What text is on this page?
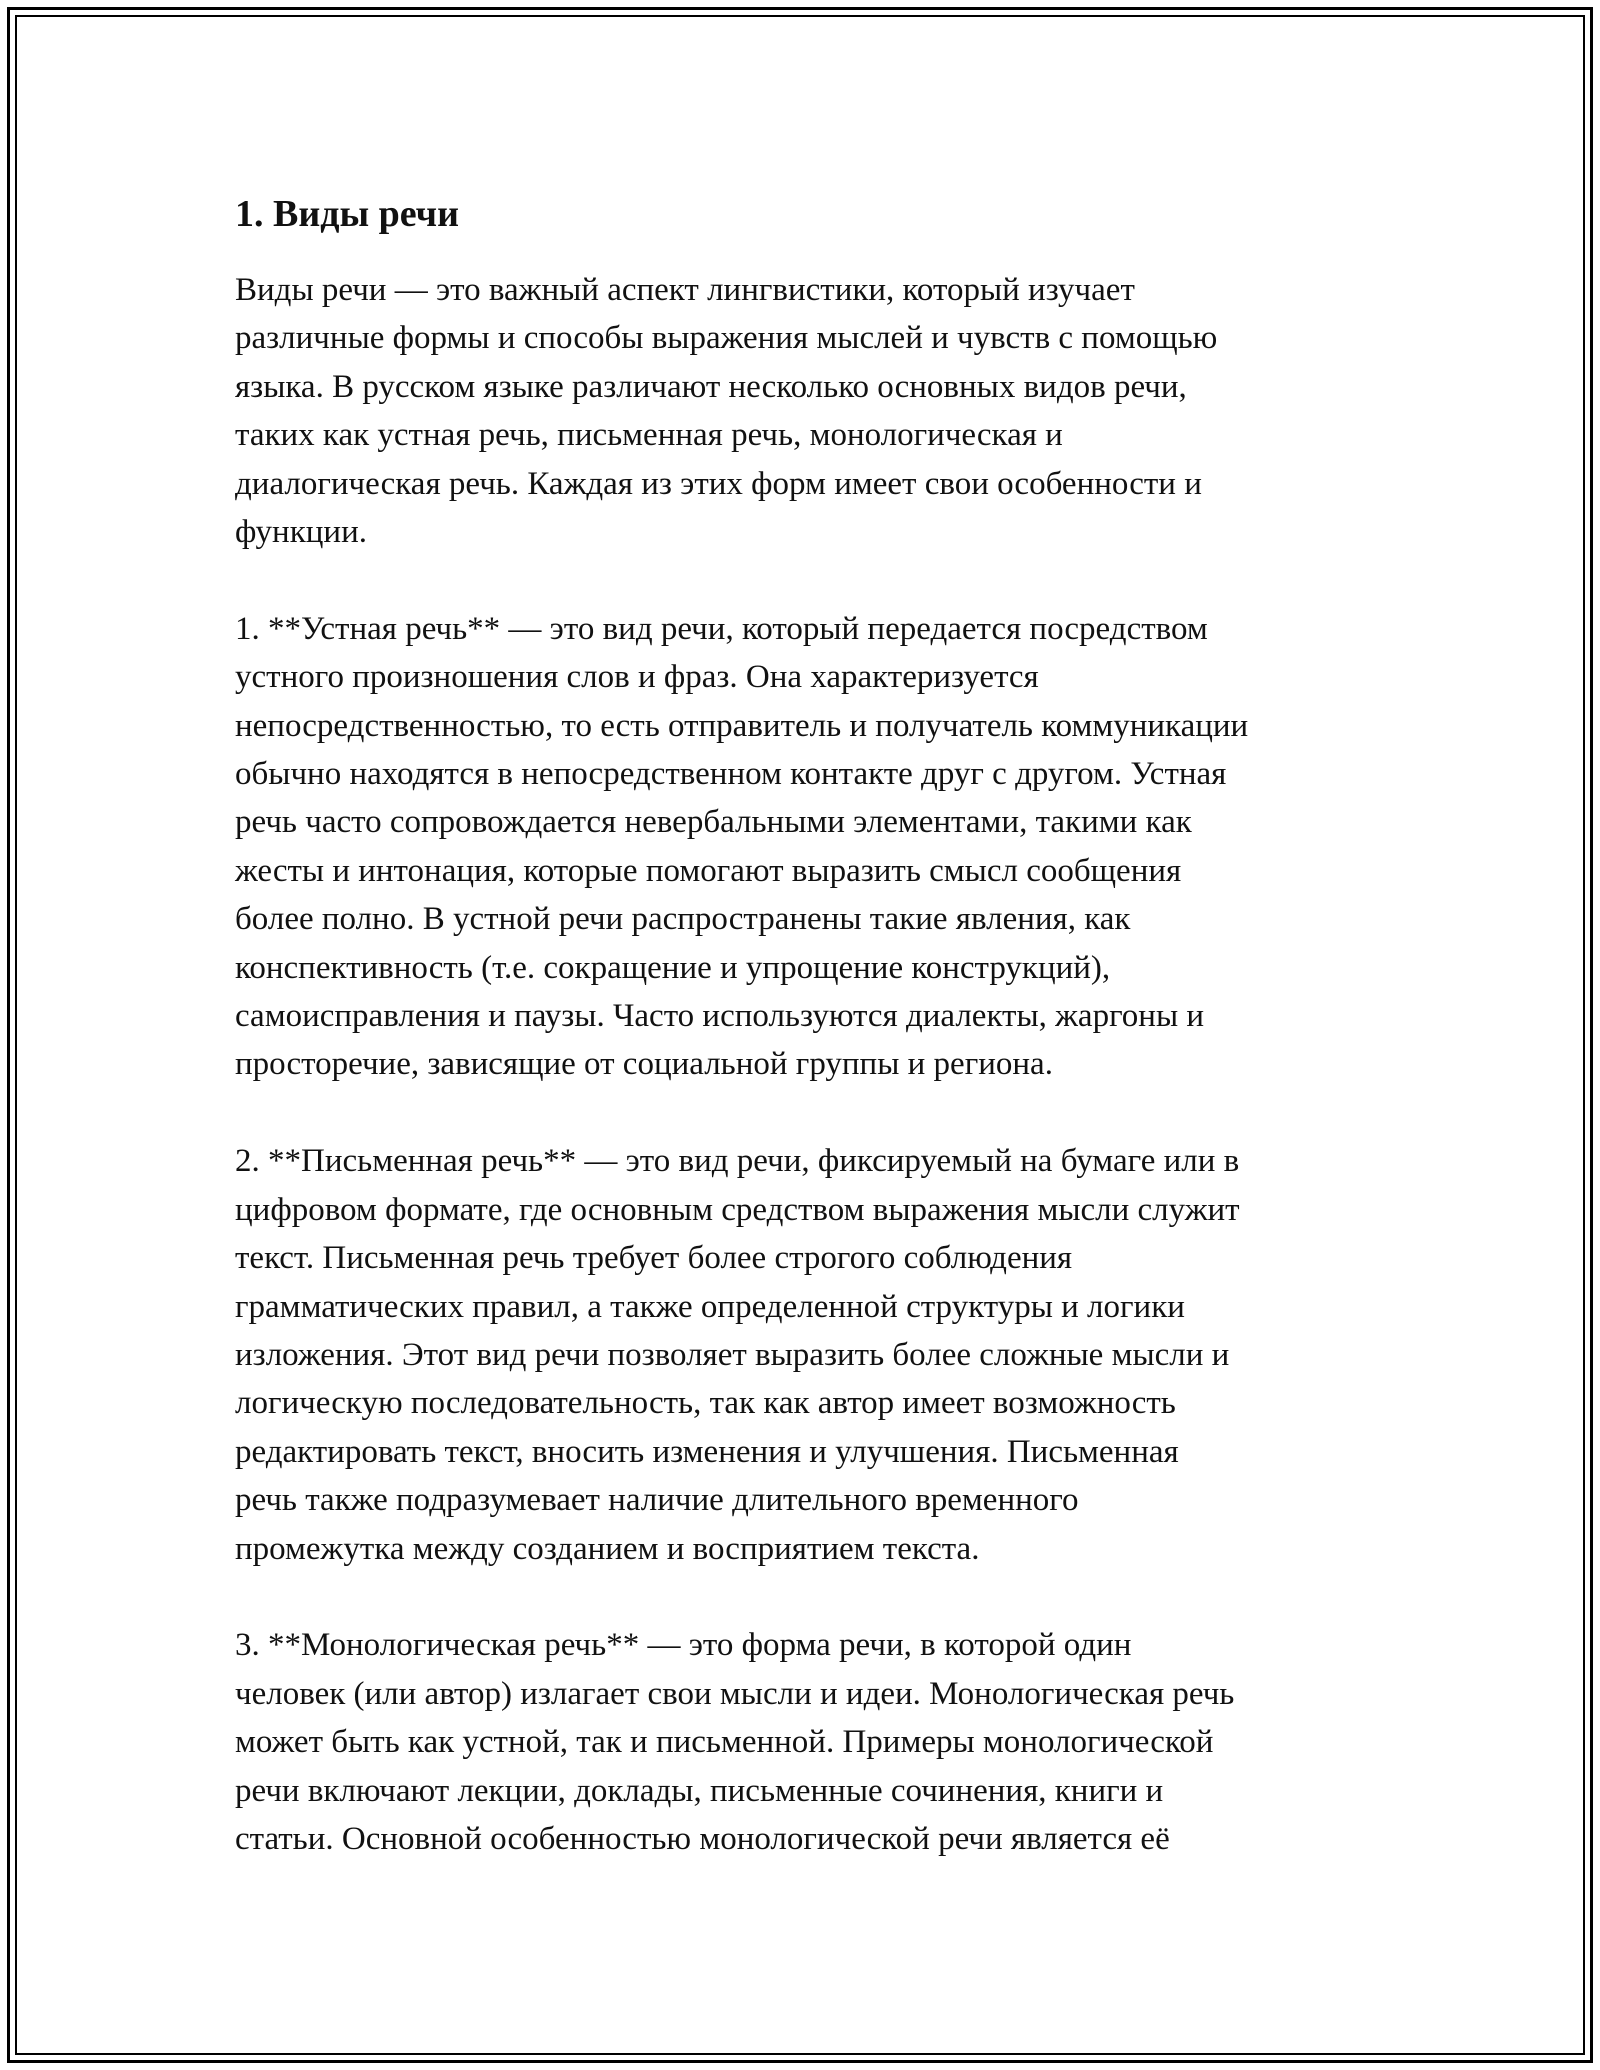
1. Виды речи
Виды речи — это важный аспект лингвистики, который изучает
различные формы и способы выражения мыслей и чувств с помощью
языка. В русском языке различают несколько основных видов речи,
таких как устная речь, письменная речь, монологическая и
диалогическая речь. Каждая из этих форм имеет свои особенности и
функции.
1. **Устная речь** — это вид речи, который передается посредством
устного произношения слов и фраз. Она характеризуется
непосредственностью, то есть отправитель и получатель коммуникации
обычно находятся в непосредственном контакте друг с другом. Устная
речь часто сопровождается невербальными элементами, такими как
жесты и интонация, которые помогают выразить смысл сообщения
более полно. В устной речи распространены такие явления, как
конспективность (т.е. сокращение и упрощение конструкций),
самоисправления и паузы. Часто используются диалекты, жаргоны и
просторечие, зависящие от социальной группы и региона.
2. **Письменная речь** — это вид речи, фиксируемый на бумаге или в
цифровом формате, где основным средством выражения мысли служит
текст. Письменная речь требует более строгого соблюдения
грамматических правил, а также определенной структуры и логики
изложения. Этот вид речи позволяет выразить более сложные мысли и
логическую последовательность, так как автор имеет возможность
редактировать текст, вносить изменения и улучшения. Письменная
речь также подразумевает наличие длительного временного
промежутка между созданием и восприятием текста.
3. **Монологическая речь** — это форма речи, в которой один
человек (или автор) излагает свои мысли и идеи. Монологическая речь
может быть как устной, так и письменной. Примеры монологической
речи включают лекции, доклады, письменные сочинения, книги и
статьи. Основной особенностью монологической речи является её
